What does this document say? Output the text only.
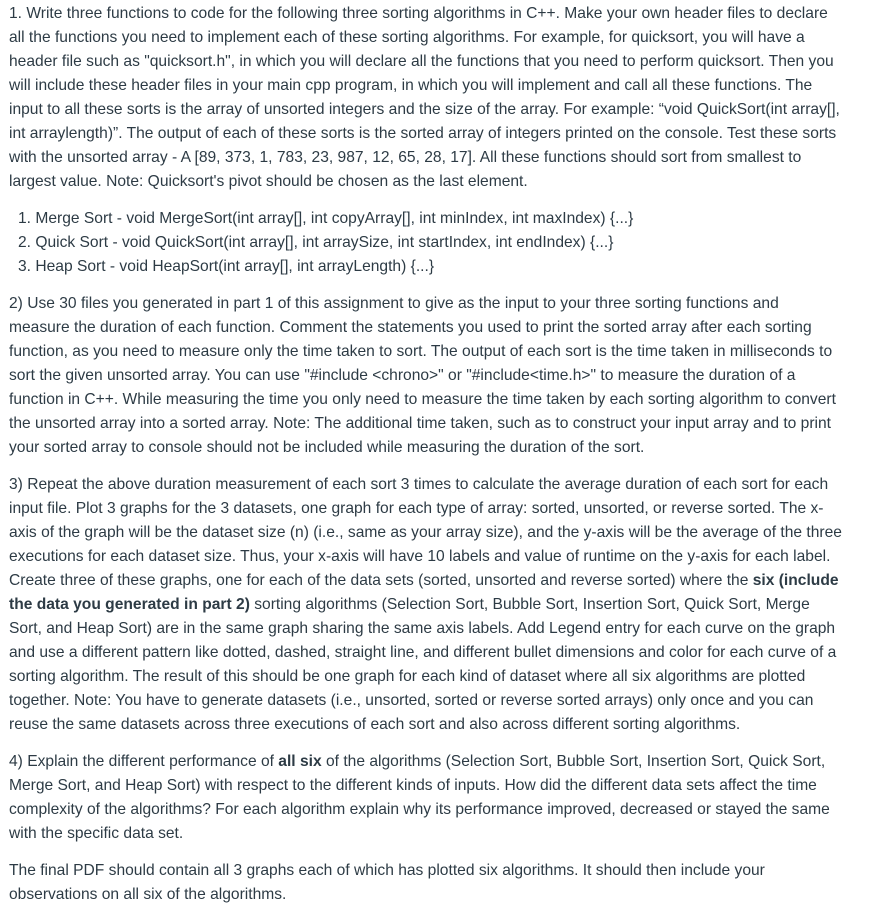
1. Write three functions to code for the following three sorting algorithms in C++. Make your own header files to declare all the functions you need to implement each of these sorting algorithms. For example, for quicksort, you will have a header file such as "quicksort.h", in which you will declare all the functions that you need to perform quicksort. Then you will include these header files in your main cpp program, in which you will implement and call all these functions. The input to all these sorts is the array of unsorted integers and the size of the array. For example: “void QuickSort(int array[], int arraylength)”. The output of each of these sorts is the sorted array of integers printed on the console. Test these sorts with the unsorted array - A [89, 373, 1, 783, 23, 987, 12, 65, 28, 17]. All these functions should sort from smallest to largest value. Note: Quicksort's pivot should be chosen as the last element.

1. Merge Sort - void MergeSort(int array[], int copyArray[], int minIndex, int maxIndex) {...}
2. Quick Sort - void QuickSort(int array[], int arraySize, int startIndex, int endIndex) {...}
3. Heap Sort - void HeapSort(int array[], int arrayLength) {...}

2) Use 30 files you generated in part 1 of this assignment to give as the input to your three sorting functions and measure the duration of each function. Comment the statements you used to print the sorted array after each sorting function, as you need to measure only the time taken to sort. The output of each sort is the time taken in milliseconds to sort the given unsorted array. You can use "#include <chrono>" or "#include<time.h>" to measure the duration of a function in C++. While measuring the time you only need to measure the time taken by each sorting algorithm to convert the unsorted array into a sorted array. Note: The additional time taken, such as to construct your input array and to print your sorted array to console should not be included while measuring the duration of the sort.

3) Repeat the above duration measurement of each sort 3 times to calculate the average duration of each sort for each input file. Plot 3 graphs for the 3 datasets, one graph for each type of array: sorted, unsorted, or reverse sorted. The x-axis of the graph will be the dataset size (n) (i.e., same as your array size), and the y-axis will be the average of the three executions for each dataset size. Thus, your x-axis will have 10 labels and value of runtime on the y-axis for each label. Create three of these graphs, one for each of the data sets (sorted, unsorted and reverse sorted) where the six (include the data you generated in part 2) sorting algorithms (Selection Sort, Bubble Sort, Insertion Sort, Quick Sort, Merge Sort, and Heap Sort) are in the same graph sharing the same axis labels. Add Legend entry for each curve on the graph and use a different pattern like dotted, dashed, straight line, and different bullet dimensions and color for each curve of a sorting algorithm. The result of this should be one graph for each kind of dataset where all six algorithms are plotted together. Note: You have to generate datasets (i.e., unsorted, sorted or reverse sorted arrays) only once and you can reuse the same datasets across three executions of each sort and also across different sorting algorithms.

4) Explain the different performance of all six of the algorithms (Selection Sort, Bubble Sort, Insertion Sort, Quick Sort, Merge Sort, and Heap Sort) with respect to the different kinds of inputs. How did the different data sets affect the time complexity of the algorithms? For each algorithm explain why its performance improved, decreased or stayed the same with the specific data set.

The final PDF should contain all 3 graphs each of which has plotted six algorithms. It should then include your observations on all six of the algorithms.
